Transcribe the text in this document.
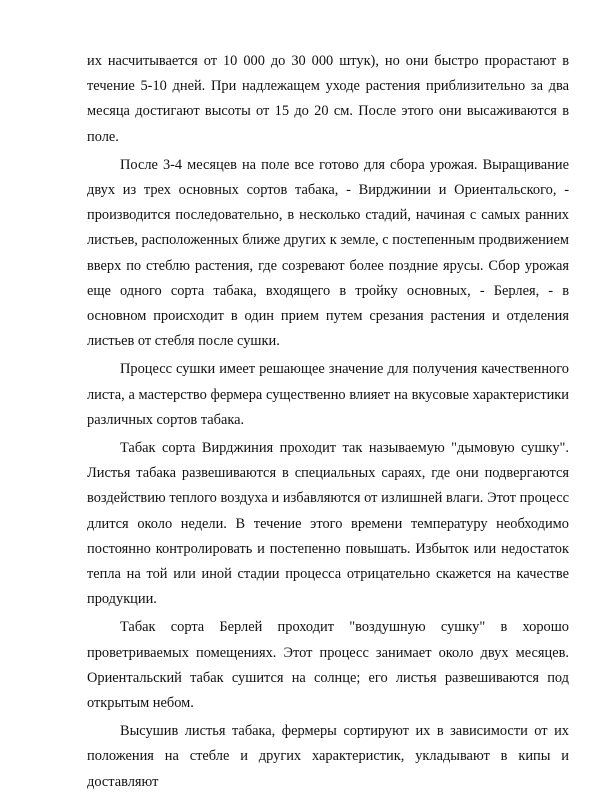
их насчитывается от 10 000 до 30 000 штук), но они быстро прорастают в течение 5-10 дней. При надлежащем уходе растения приблизительно за два месяца достигают высоты от 15 до 20 см. После этого они высаживаются в поле.

После 3-4 месяцев на поле все готово для сбора урожая. Выращивание двух из трех основных сортов табака, - Вирджинии и Ориентальского, - производится последовательно, в несколько стадий, начиная с самых ранних листьев, расположенных ближе других к земле, с постепенным продвижением вверх по стеблю растения, где созревают более поздние ярусы. Сбор урожая еще одного сорта табака, входящего в тройку основных, - Берлея, - в основном происходит в один прием путем срезания растения и отделения листьев от стебля после сушки.

Процесс сушки имеет решающее значение для получения качественного листа, а мастерство фермера существенно влияет на вкусовые характеристики различных сортов табака.

Табак сорта Вирджиния проходит так называемую "дымовую сушку". Листья табака развешиваются в специальных сараях, где они подвергаются воздействию теплого воздуха и избавляются от излишней влаги. Этот процесс длится около недели. В течение этого времени температуру необходимо постоянно контролировать и постепенно повышать. Избыток или недостаток тепла на той или иной стадии процесса отрицательно скажется на качестве продукции.

Табак сорта Берлей проходит "воздушную сушку" в хорошо проветриваемых помещениях. Этот процесс занимает около двух месяцев. Ориентальский табак сушится на солнце; его листья развешиваются под открытым небом.

Высушив листья табака, фермеры сортируют их в зависимости от их положения на стебле и других характеристик, укладывают в кипы и доставляют
